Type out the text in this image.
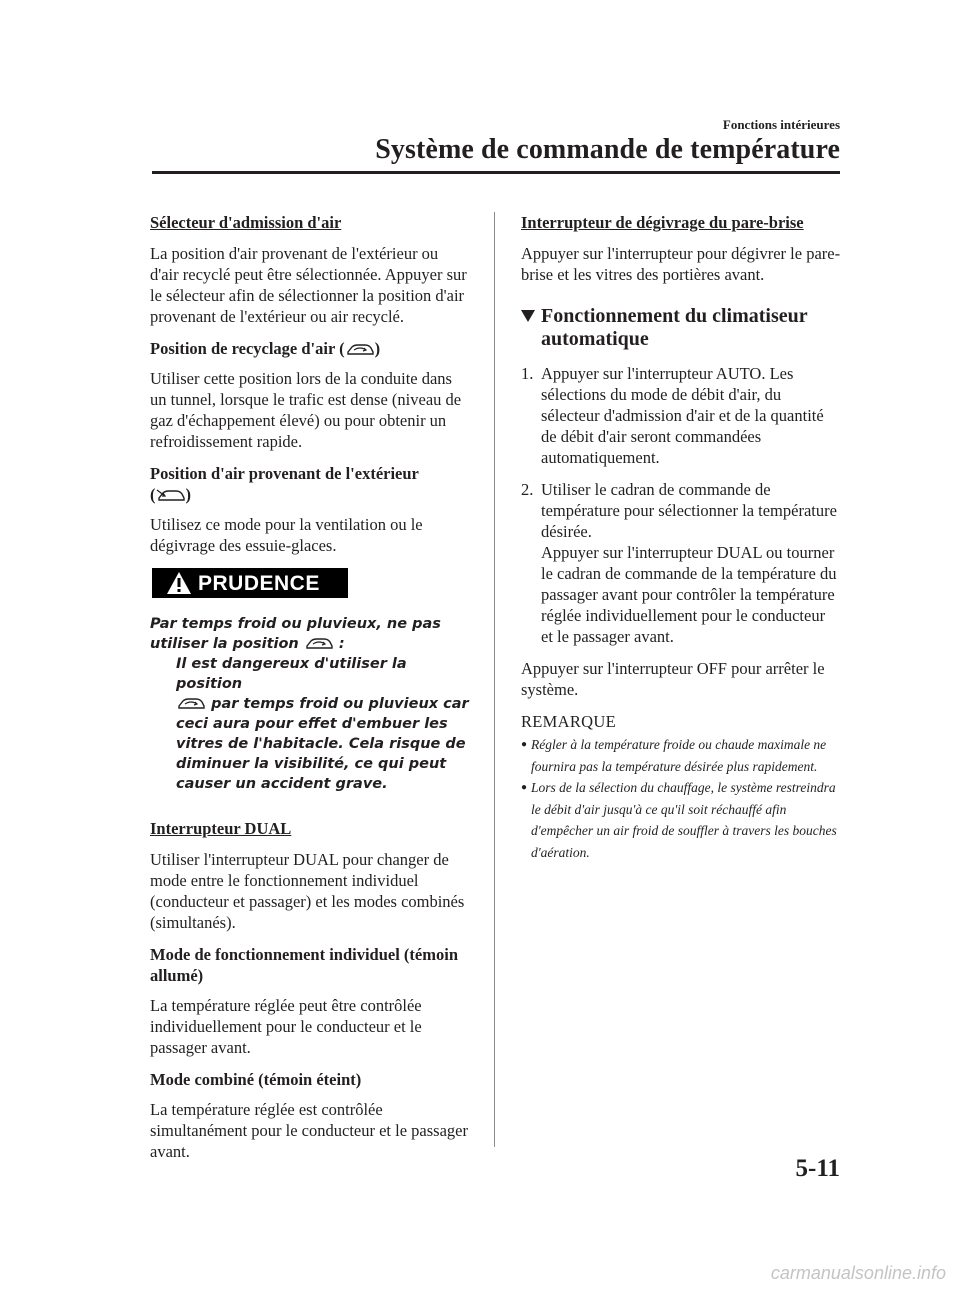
Fonctions intérieures
Système de commande de température
Sélecteur d'admission d'air
La position d'air provenant de l'extérieur ou d'air recyclé peut être sélectionnée. Appuyer sur le sélecteur afin de sélectionner la position d'air provenant de l'extérieur ou air recyclé.
Position de recyclage d'air ( )
Utiliser cette position lors de la conduite dans un tunnel, lorsque le trafic est dense (niveau de gaz d'échappement élevé) ou pour obtenir un refroidissement rapide.
Position d'air provenant de l'extérieur
( )
Utilisez ce mode pour la ventilation ou le dégivrage des essuie-glaces.
PRUDENCE
Par temps froid ou pluvieux, ne pas
utiliser la position	:
Il est dangereux d'utiliser la position
par temps froid ou pluvieux car
ceci aura pour effet d'embuer les vitres de l'habitacle. Cela risque de diminuer la visibilité, ce qui peut causer un accident grave.
Interrupteur DUAL
Utiliser l'interrupteur DUAL pour changer de mode entre le fonctionnement individuel (conducteur et passager) et les modes combinés (simultanés).
Mode de fonctionnement individuel (témoin allumé)
La température réglée peut être contrôlée individuellement pour le conducteur et le passager avant.
Mode combiné (témoin éteint)
La température réglée est contrôlée simultanément pour le conducteur et le passager avant.
Interrupteur de dégivrage du pare-brise
Appuyer sur l'interrupteur pour dégivrer le pare-brise et les vitres des portières avant.
Fonctionnement du climatiseur automatique
1. Appuyer sur l'interrupteur AUTO. Les sélections du mode de débit d'air, du sélecteur d'admission d'air et de la quantité de débit d'air seront commandées automatiquement.
2. Utiliser le cadran de commande de température pour sélectionner la température désirée.
Appuyer sur l'interrupteur DUAL ou tourner le cadran de commande de la température du passager avant pour contrôler la température réglée individuellement pour le conducteur et le passager avant.
Appuyer sur l'interrupteur OFF pour arrêter le système.
REMARQUE
● Régler à la température froide ou chaude maximale ne fournira pas la température désirée plus rapidement.
● Lors de la sélection du chauffage, le système restreindra le débit d'air jusqu'à ce qu'il soit réchauffé afin d'empêcher un air froid de souffler à travers les bouches d'aération.
5-11
carmanualsonline.info
